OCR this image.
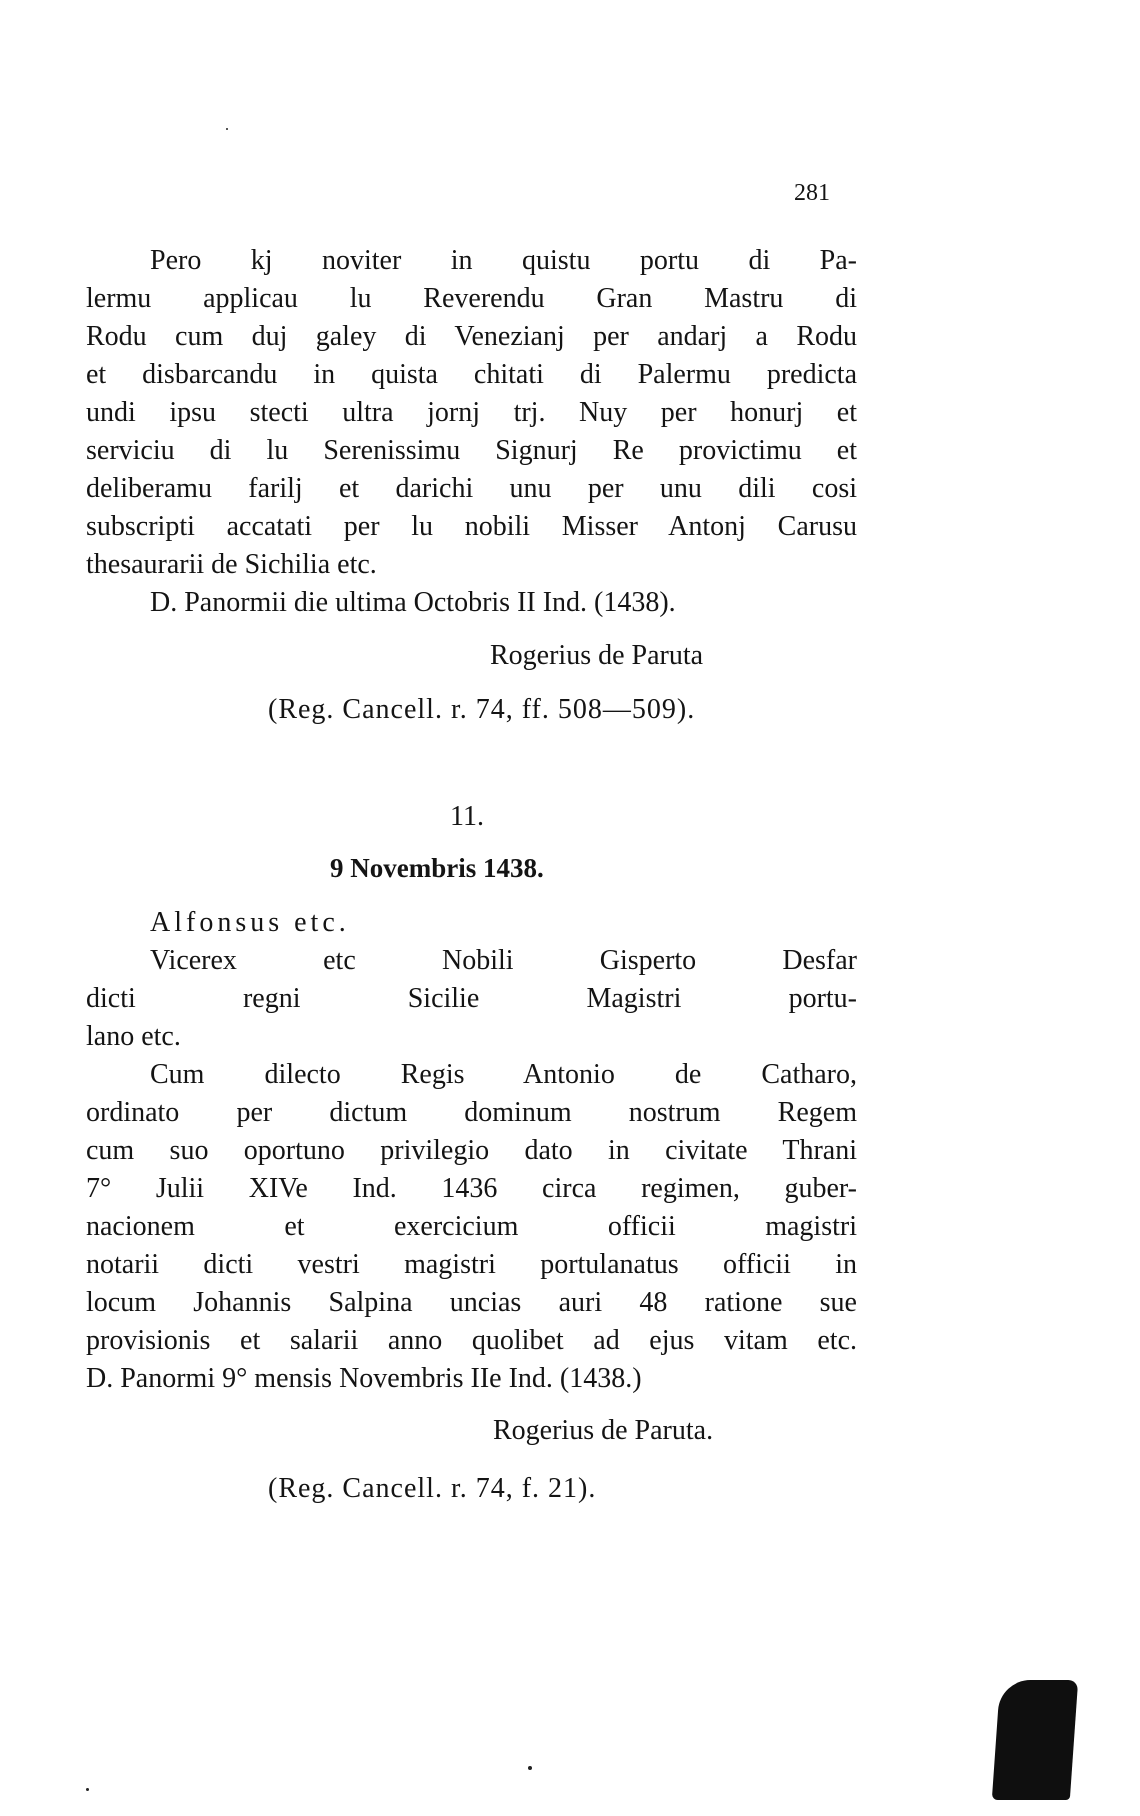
281
Pero kj noviter in quistu portu di Pa-
lermu applicau lu Reverendu Gran Mastru di
Rodu cum duj galey di Venezianj per andarj a Rodu
et disbarcandu in quista chitati di Palermu predicta
undi ipsu stecti ultra jornj trj. Nuy per honurj et
serviciu di lu Serenissimu Signurj Re provictimu et
deliberamu farilj et darichi unu per unu dili cosi
subscripti accatati per lu nobili Misser Antonj Carusu
thesaurarii de Sichilia etc.
D. Panormii die ultima Octobris II Ind. (1438).
Rogerius de Paruta
(Reg. Cancell. r. 74, ff. 508—509).
11.
9 Novembris 1438.
Alfonsus etc.
Vicerex etc Nobili Gisperto Desfar
dicti regni Sicilie Magistri portu-
lano etc.
Cum dilecto Regis Antonio de Catharo,
ordinato per dictum dominum nostrum Regem
cum suo oportuno privilegio dato in civitate Thrani
7° Julii XIVe Ind. 1436 circa regimen, guber-
nacionem et exercicium officii magistri
notarii dicti vestri magistri portulanatus officii in
locum Johannis Salpina uncias auri 48 ratione sue
provisionis et salarii anno quolibet ad ejus vitam etc.
D. Panormi 9° mensis Novembris IIe Ind. (1438.)
Rogerius de Paruta.
(Reg. Cancell. r. 74, f. 21).
